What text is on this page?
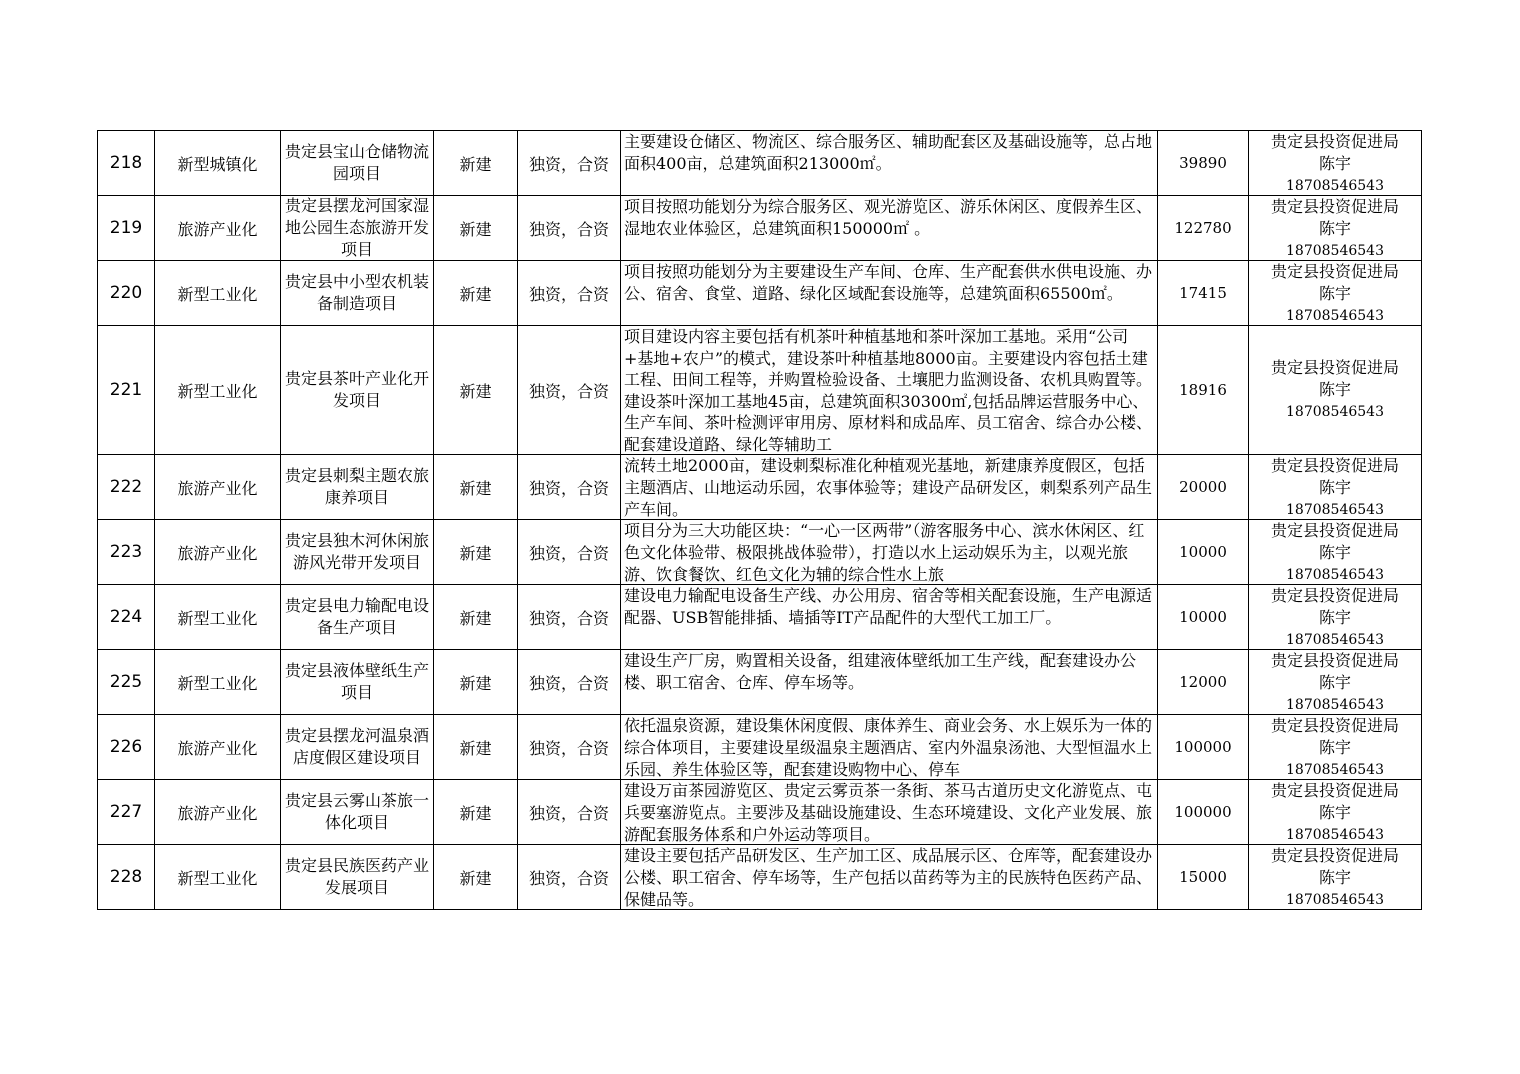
218	新型城镇化	贵定县宝山仓储物流园项目	新建	独资，合资	主要建设仓储区、物流区、综合服务区、辅助配套区及基础设施等，总占地面积400亩，总建筑面积213000㎡。	39890	贵定县投资促进局
陈宇
18708546543

219	旅游产业化	贵定县摆龙河国家湿地公园生态旅游开发项目	新建	独资，合资	项目按照功能划分为综合服务区、观光游览区、游乐休闲区、度假养生区、湿地农业体验区，总建筑面积150000㎡ 。	122780	贵定县投资促进局
陈宇
18708546543

220	新型工业化	贵定县中小型农机装备制造项目	新建	独资，合资	项目按照功能划分为主要建设生产车间、仓库、生产配套供水供电设施、办公、宿舍、食堂、道路、绿化区域配套设施等，总建筑面积65500㎡。	17415	贵定县投资促进局
陈宇
18708546543

221	新型工业化	贵定县茶叶产业化开发项目	新建	独资，合资	项目建设内容主要包括有机茶叶种植基地和茶叶深加工基地。采用“公司+基地+农户”的模式，建设茶叶种植基地8000亩。主要建设内容包括土建工程、田间工程等，并购置检验设备、土壤肥力监测设备、农机具购置等。建设茶叶深加工基地45亩，总建筑面积30300㎡,包括品牌运营服务中心、生产车间、茶叶检测评审用房、原材料和成品库、员工宿舍、综合办公楼、配套建设道路、绿化等辅助工	18916	贵定县投资促进局
陈宇
18708546543

222	旅游产业化	贵定县刺梨主题农旅康养项目	新建	独资，合资	流转土地2000亩，建设刺梨标准化种植观光基地，新建康养度假区，包括主题酒店、山地运动乐园，农事体验等；建设产品研发区，刺梨系列产品生产车间。	20000	贵定县投资促进局
陈宇
18708546543

223	旅游产业化	贵定县独木河休闲旅游风光带开发项目	新建	独资，合资	项目分为三大功能区块：“一心一区两带”（游客服务中心、滨水休闲区、红色文化体验带、极限挑战体验带），打造以水上运动娱乐为主，以观光旅游、饮食餐饮、红色文化为辅的综合性水上旅	10000	贵定县投资促进局
陈宇
18708546543

224	新型工业化	贵定县电力输配电设备生产项目	新建	独资，合资	建设电力输配电设备生产线、办公用房、宿舍等相关配套设施，生产电源适配器、USB智能排插、墙插等IT产品配件的大型代工加工厂。	10000	贵定县投资促进局
陈宇
18708546543

225	新型工业化	贵定县液体壁纸生产项目	新建	独资，合资	建设生产厂房，购置相关设备，组建液体壁纸加工生产线，配套建设办公楼、职工宿舍、仓库、停车场等。	12000	贵定县投资促进局
陈宇
18708546543

226	旅游产业化	贵定县摆龙河温泉酒店度假区建设项目	新建	独资，合资	依托温泉资源，建设集休闲度假、康体养生、商业会务、水上娱乐为一体的综合体项目，主要建设星级温泉主题酒店、室内外温泉汤池、大型恒温水上乐园、养生体验区等，配套建设购物中心、停车	100000	贵定县投资促进局
陈宇
18708546543

227	旅游产业化	贵定县云雾山茶旅一体化项目	新建	独资，合资	建设万亩茶园游览区、贵定云雾贡茶一条街、茶马古道历史文化游览点、屯兵要塞游览点。主要涉及基础设施建设、生态环境建设、文化产业发展、旅游配套服务体系和户外运动等项目。	100000	贵定县投资促进局
陈宇
18708546543

228	新型工业化	贵定县民族医药产业发展项目	新建	独资，合资	建设主要包括产品研发区、生产加工区、成品展示区、仓库等，配套建设办公楼、职工宿舍、停车场等，生产包括以苗药等为主的民族特色医药产品、保健品等。	15000	贵定县投资促进局
陈宇
18708546543
